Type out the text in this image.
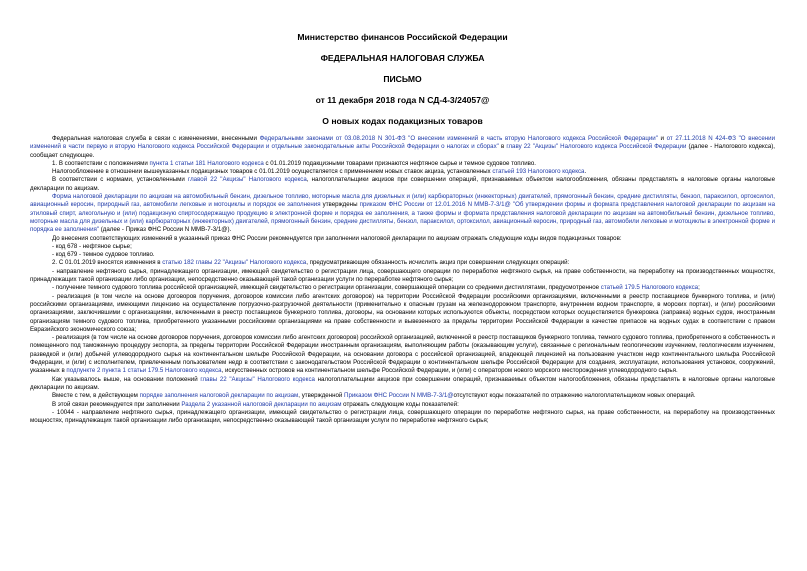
Министерство финансов Российской Федерации
ФЕДЕРАЛЬНАЯ НАЛОГОВАЯ СЛУЖБА
ПИСЬМО
от 11 декабря 2018 года N СД-4-3/24057@
О новых кодах подакцизных товаров

Федеральная налоговая служба в связи с изменениями, внесенными Федеральными законами от 03.08.2018 N 301-ФЗ "О внесении изменений в часть вторую Налогового кодекса Российской Федерации" и от 27.11.2018 N 424-ФЗ "О внесении изменений в части первую и вторую Налогового кодекса Российской Федерации и отдельные законодательные акты Российской Федерации о налогах и сборах" в главу 22 "Акцизы" Налогового кодекса Российской Федерации (далее - Налогового кодекса), сообщает следующее.

1. В соответствии с положениями пункта 1 статьи 181 Налогового кодекса с 01.01.2019 подакцизными товарами признаются нефтяное сырье и темное судовое топливо.

Налогообложение в отношении вышеуказанных подакцизных товаров с 01.01.2019 осуществляется с применением новых ставок акциза, установленных статьей 193 Налогового кодекса.

В соответствии с нормами, установленными главой 22 "Акцизы" Налогового кодекса, налогоплательщики акцизов при совершении операций, признаваемых объектом налогообложения, обязаны представлять в налоговые органы налоговые декларации по акцизам.

Форма налоговой декларации по акцизам на автомобильный бензин, дизельное топливо, моторные масла для дизельных и (или) карбюраторных (инжекторных) двигателей, прямогонный бензин, средние дистилляты, бензол, параксилол, ортоксилол, авиационный керосин, природный газ, автомобили легковые и мотоциклы и порядок ее заполнения утверждены приказом ФНС России от 12.01.2016 N ММВ-7-3/1@ "Об утверждении формы и формата представления налоговой декларации по акцизам на этиловый спирт, алкогольную и (или) подакцизную спиртосодержащую продукцию в электронной форме и порядка ее заполнения, а также формы и формата представления налоговой декларации по акцизам на автомобильный бензин, дизельное топливо, моторные масла для дизельных и (или) карбюраторных (инжекторных) двигателей, прямогонный бензин, средние дистилляты, бензол, параксилол, ортоксилол, авиационный керосин, природный газ, автомобили легковые и мотоциклы в электронной форме и порядка ее заполнения" (далее - Приказ ФНС России N ММВ-7-3/1@).

До внесения соответствующих изменений в указанный приказ ФНС России рекомендуется при заполнении налоговой декларации по акцизам отражать следующие коды видов подакцизных товаров:

- код 678 - нефтяное сырье;

- код 679 - темное судовое топливо.

2. С 01.01.2019 вносятся изменения в статью 182 главы 22 "Акцизы" Налогового кодекса, предусматривающие обязанность исчислить акциз при совершении следующих операций:

- направление нефтяного сырья, принадлежащего организации, имеющей свидетельство о регистрации лица, совершающего операции по переработке нефтяного сырья, на праве собственности, на переработку на производственных мощностях, принадлежащих такой организации либо организации, непосредственно оказывающей такой организации услуги по переработке нефтяного сырья;

- получение темного судового топлива российской организацией, имеющей свидетельство о регистрации организации, совершающей операции со средними дистиллятами, предусмотренное статьей 179.5 Налогового кодекса;

- реализация (в том числе на основе договоров поручения, договоров комиссии либо агентских договоров) на территории Российской Федерации российскими организациями, включенными в реестр поставщиков бункерного топлива, и (или) российскими организациями, имеющими лицензию на осуществление погрузочно-разгрузочной деятельности (применительно к опасным грузам на железнодорожном транспорте, внутреннем водном транспорте, в морских портах), и (или) российскими организациями, заключившими с организациями, включенными в реестр поставщиков бункерного топлива, договоры, на основании которых используются объекты, посредством которых осуществляется бункеровка (заправка) водных судов, иностранным организациям темного судового топлива, приобретенного указанными российскими организациями на праве собственности и вывезенного за пределы территории Российской Федерации в качестве припасов на водных судах в соответствии с правом Евразийского экономического союза;

- реализация (в том числе на основе договоров поручения, договоров комиссии либо агентских договоров) российской организацией, включенной в реестр поставщиков бункерного топлива, темного судового топлива, приобретенного в собственность и помещенного под таможенную процедуру экспорта, за пределы территории Российской Федерации иностранным организациям, выполняющим работы (оказывающим услуги), связанные с региональным геологическим изучением, геологическим изучением, разведкой и (или) добычей углеводородного сырья на континентальном шельфе Российской Федерации, на основании договора с российской организацией, владеющей лицензией на пользование участком недр континентального шельфа Российской Федерации, и (или) с исполнителем, привлеченным пользователем недр в соответствии с законодательством Российской Федерации о континентальном шельфе Российской Федерации для создания, эксплуатации, использования установок, сооружений, указанных в подпункте 2 пункта 1 статьи 179.5 Налогового кодекса, искусственных островов на континентальном шельфе Российской Федерации, и (или) с оператором нового морского месторождения углеводородного сырья.

Как указывалось выше, на основании положений главы 22 "Акцизы" Налогового кодекса налогоплательщики акцизов при совершении операций, признаваемых объектом налогообложения, обязаны представлять в налоговые органы налоговые декларации по акцизам.

Вместе с тем, в действующем порядке заполнения налоговой декларации по акцизам, утвержденной Приказом ФНС России N ММВ-7-3/1@отсутствуют коды показателей по отражению налогоплательщиком новых операций.

В этой связи рекомендуется при заполнении Раздела 2 указанной налоговой декларации по акцизам отражать следующие коды показателей:

- 10044 - направление нефтяного сырья, принадлежащего организации, имеющей свидетельство о регистрации лица, совершающего операции по переработке нефтяного сырья, на праве собственности, на переработку на производственных мощностях, принадлежащих такой организации либо организации, непосредственно оказывающей такой организации услуги по переработке нефтяного сырья;
